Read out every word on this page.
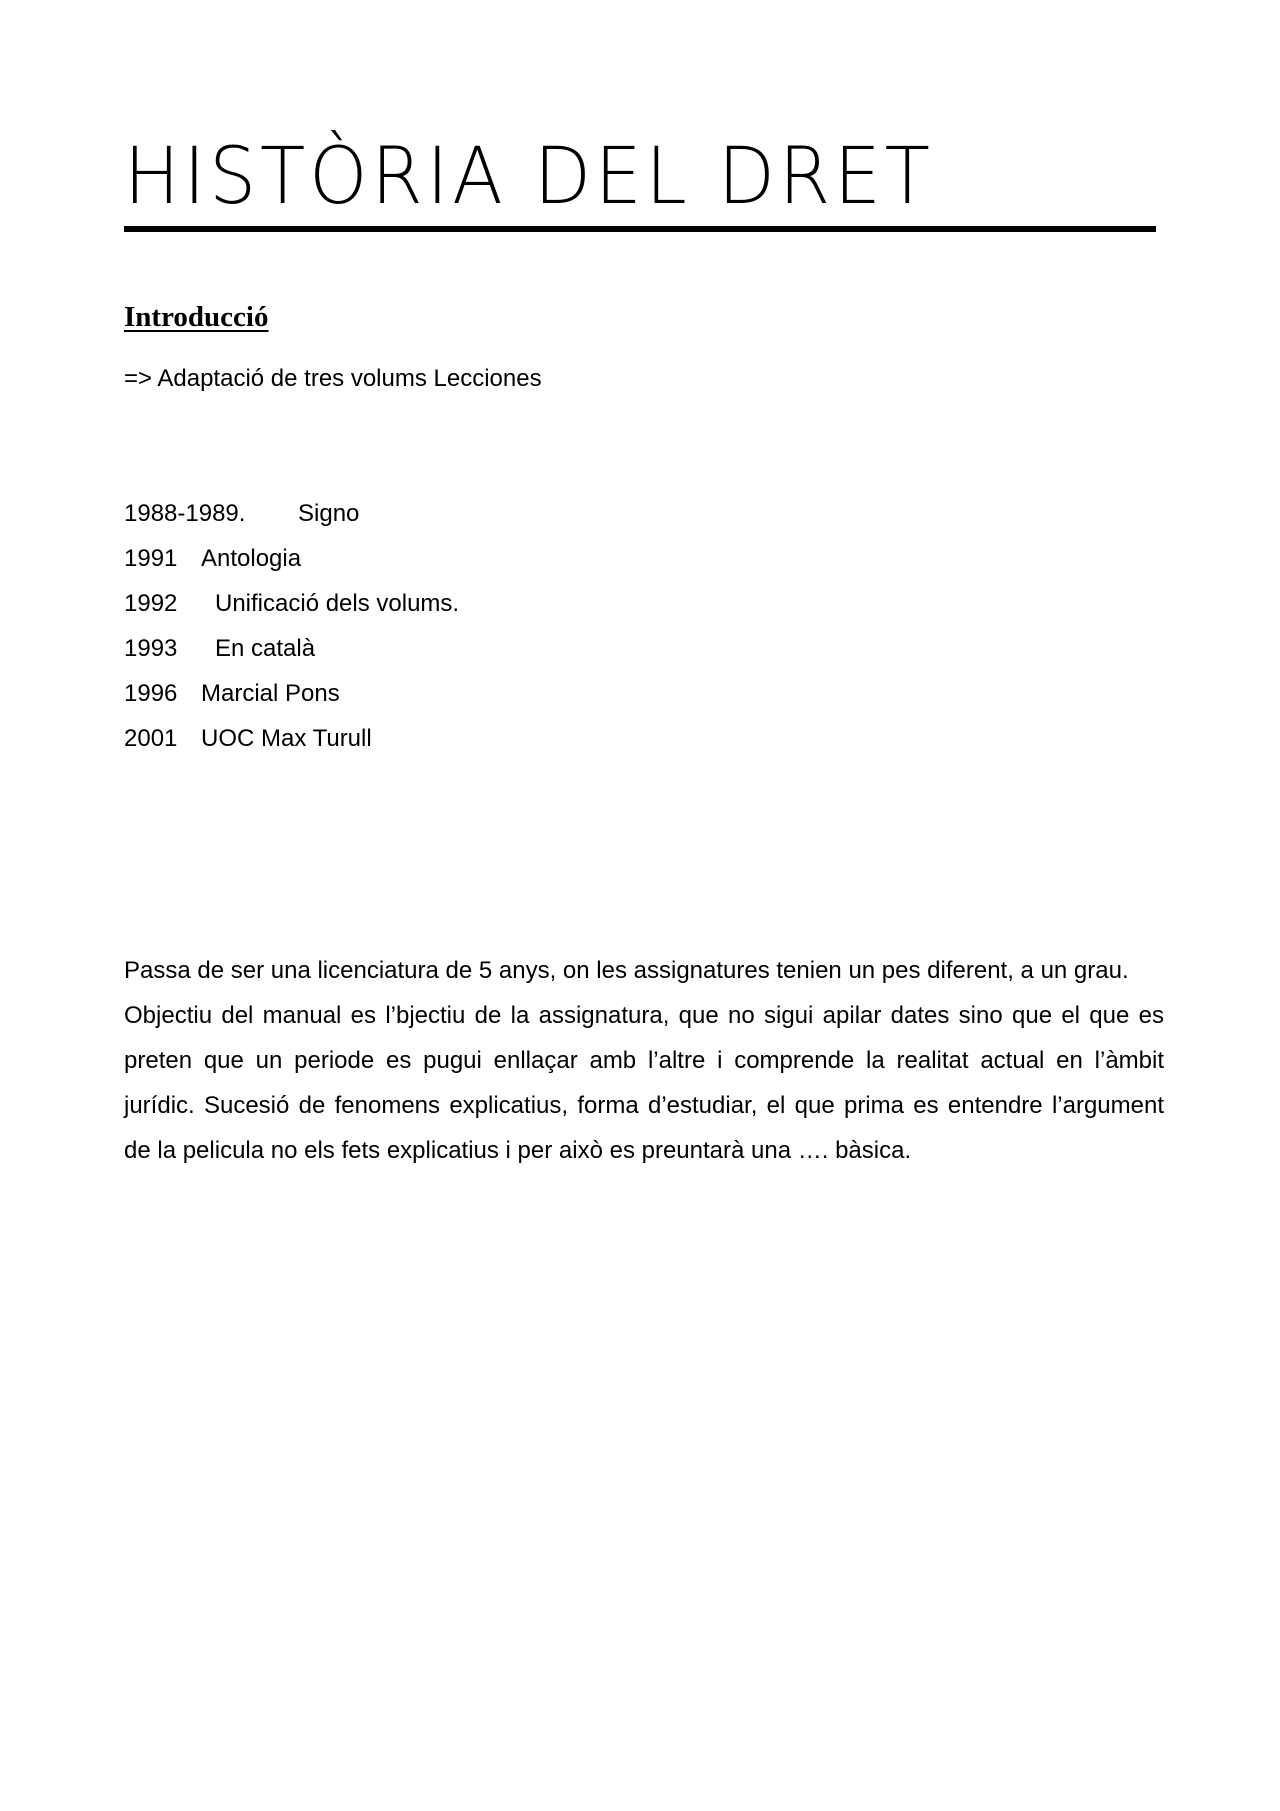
HISTÒRIA DEL DRET
Introducció
=> Adaptació de tres volums Lecciones
1988-1989.	Signo
1991 Antologia
1992	Unificació dels volums.
1993	En català
1996 Marcial Pons
2001 UOC Max Turull

Passa de ser una licenciatura de 5 anys, on les assignatures tenien un pes diferent, a un grau.

Objectiu del manual es l’bjectiu de la assignatura, que no sigui apilar dates sino que el que es preten que un periode es pugui enllaçar amb l’altre i comprende la realitat actual en l’àmbit jurídic. Sucesió de fenomens explicatius, forma d’estudiar, el que prima es entendre l’argument de la pelicula no els fets explicatius i per això es preuntarà una …. bàsica.
